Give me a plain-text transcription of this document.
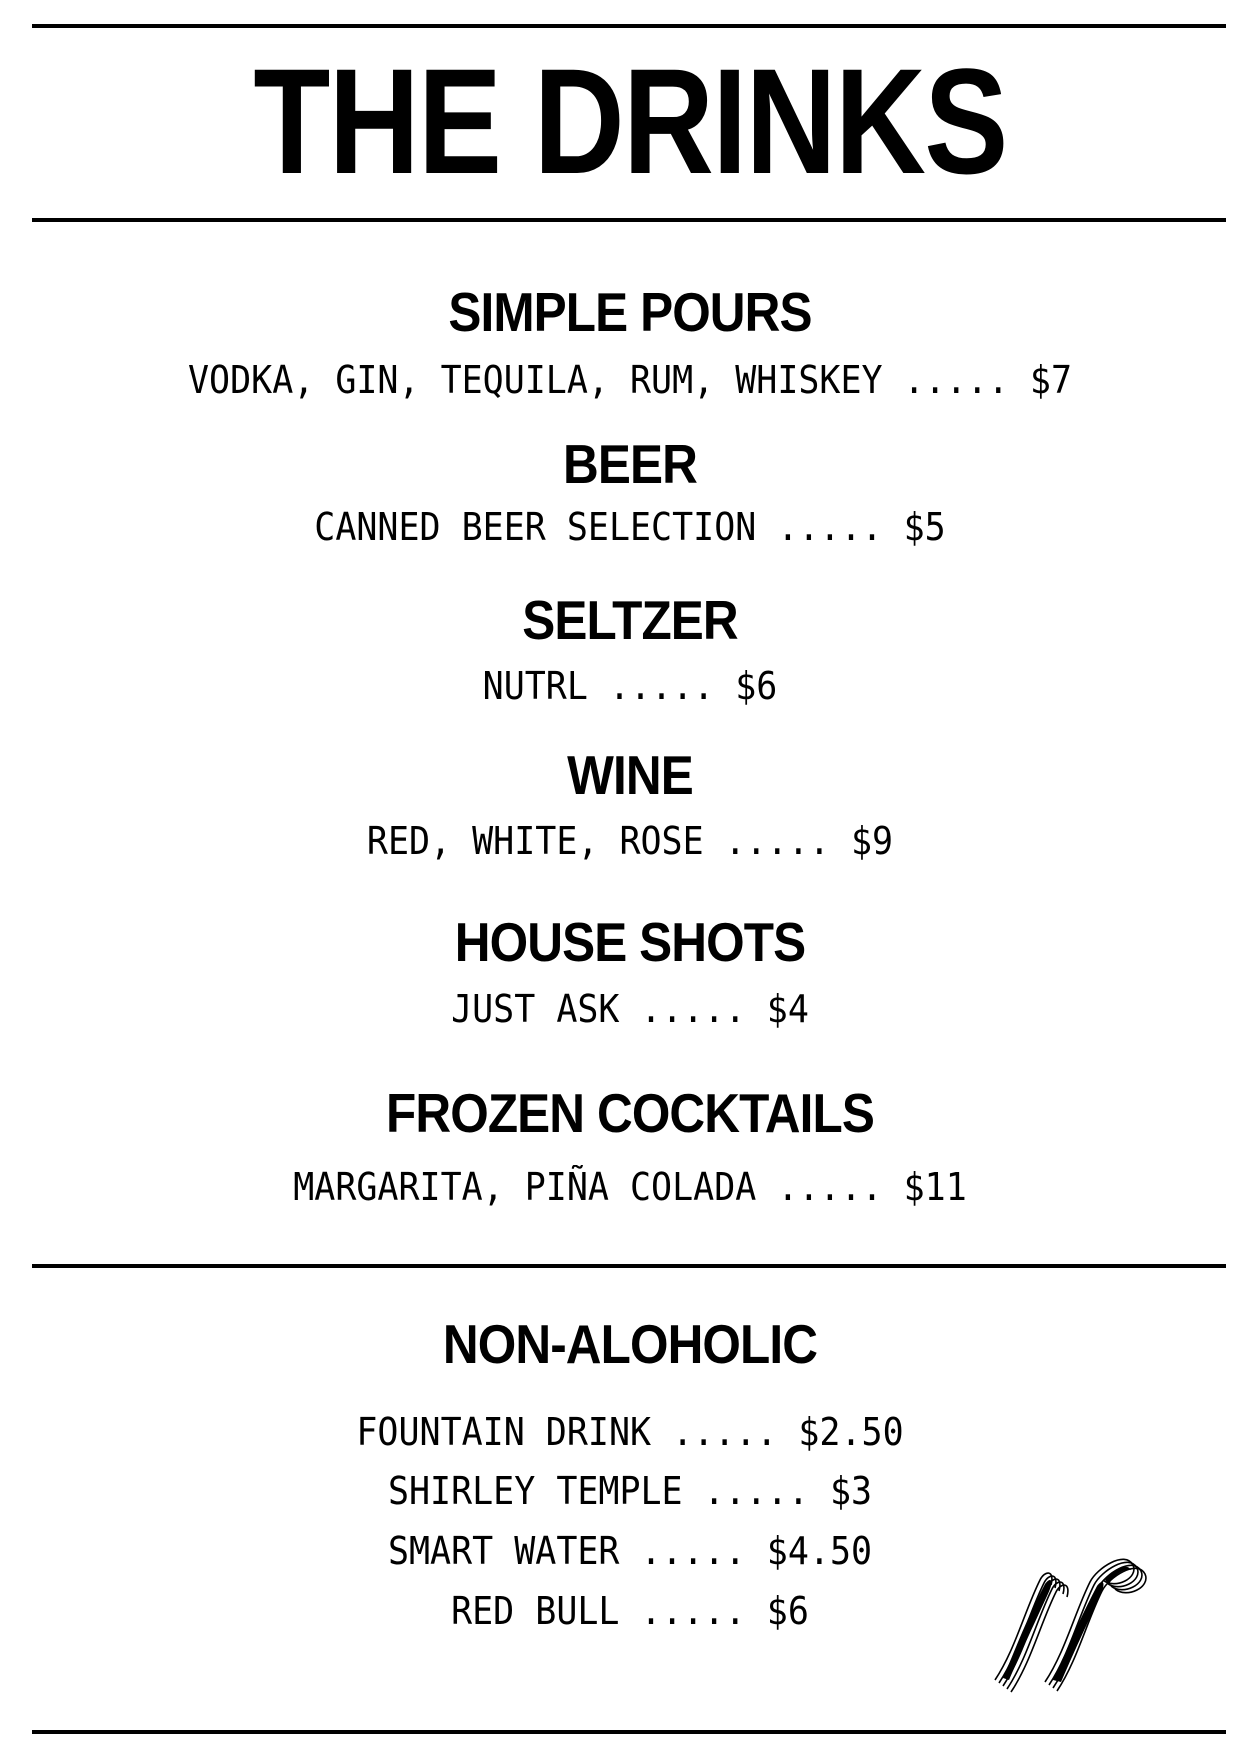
THE DRINKS
SIMPLE POURS
VODKA, GIN, TEQUILA, RUM, WHISKEY ..... $7
BEER
CANNED BEER SELECTION ..... $5
SELTZER
NUTRL ..... $6
WINE
RED, WHITE, ROSE ..... $9
HOUSE SHOTS
JUST ASK ..... $4
FROZEN COCKTAILS
MARGARITA, PIÑA COLADA ..... $11
NON-ALOHOLIC
FOUNTAIN DRINK ..... $2.50
SHIRLEY TEMPLE ..... $3
SMART WATER ..... $4.50
RED BULL ..... $6
